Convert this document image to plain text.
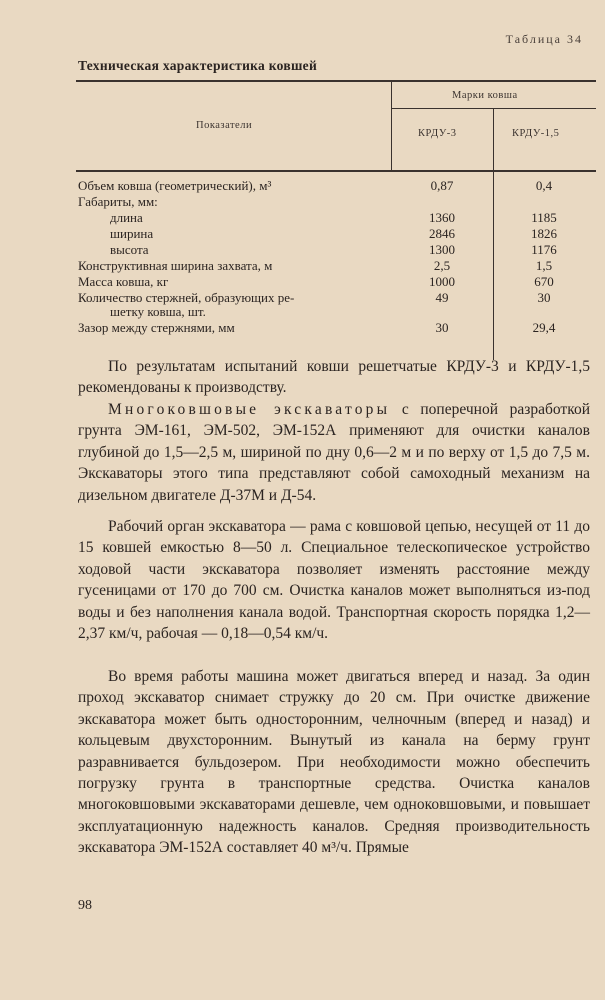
Таблица 34
Техническая характеристика ковшей
Показатели
Марки ковша
КРДУ-3	КРДУ-1,5
Объем ковша (геометрический), м³	0,87	0,4
Габариты, мм:
длина	1360	1185
ширина	2846	1826
высота	1300	1176
Конструктивная ширина захвата, м	2,5	1,5
Масса ковша, кг	1000	670
Количество стержней, образующих ре-	49	30
шетку ковша, шт.
Зазор между стержнями, мм	30	29,4

По результатам испытаний ковши решетчатые КРДУ-3 и КРДУ-1,5 рекомендованы к производству.

Многоковшовые экскаваторы с поперечной разработкой грунта ЭМ-161, ЭМ-502, ЭМ-152А применяют для очистки каналов глубиной до 1,5—2,5 м, шириной по дну 0,6—2 м и по верху от 1,5 до 7,5 м. Экскаваторы этого типа представляют собой самоходный механизм на дизельном двигателе Д-37М и Д-54.

Рабочий орган экскаватора — рама с ковшовой цепью, несущей от 11 до 15 ковшей емкостью 8—50 л. Специальное телескопическое устройство ходовой части экскаватора позволяет изменять расстояние между гусеницами от 170 до 700 см. Очистка каналов может выполняться из-под воды и без наполнения канала водой. Транспортная скорость порядка 1,2—2,37 км/ч, рабочая — 0,18—0,54 км/ч.

Во время работы машина может двигаться вперед и назад. За один проход экскаватор снимает стружку до 20 см. При очистке движение экскаватора может быть односторонним, челночным (вперед и назад) и кольцевым двухсторонним. Вынутый из канала на берму грунт разравнивается бульдозером. При необходимости можно обеспечить погрузку грунта в транспортные средства. Очистка каналов многоковшовыми экскаваторами дешевле, чем одноковшовыми, и повышает эксплуатационную надежность каналов. Средняя производительность экскаватора ЭМ-152А составляет 40 м³/ч. Прямые

98
